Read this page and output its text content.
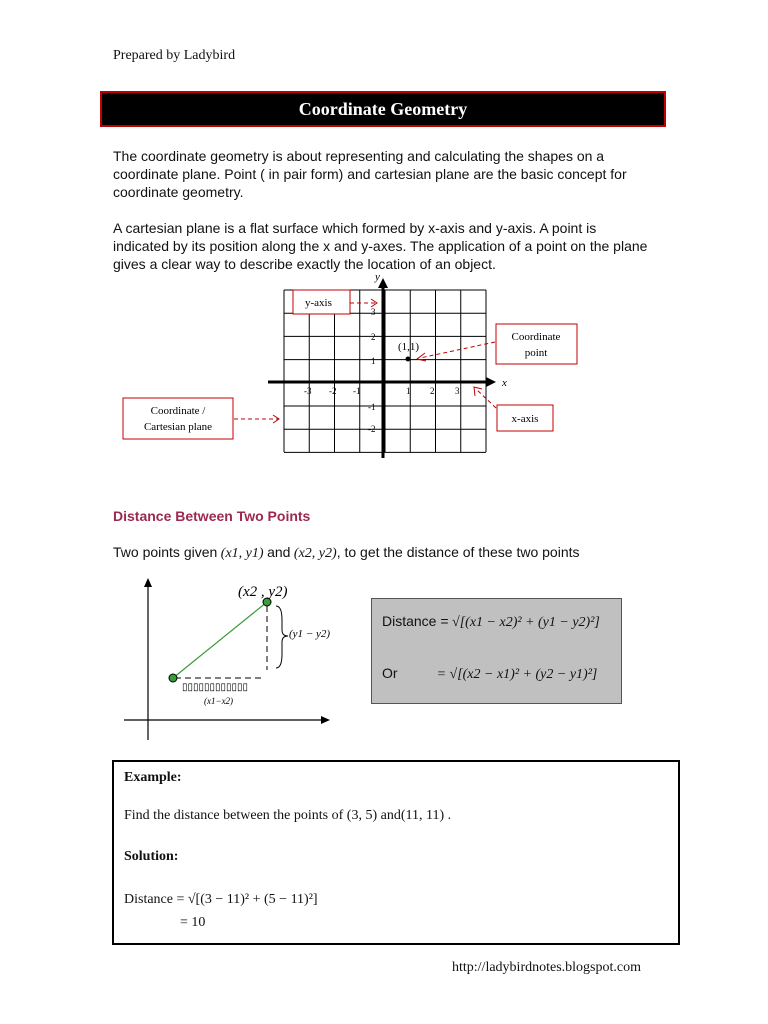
Prepared by Ladybird
Coordinate Geometry
The coordinate geometry is about representing and calculating the shapes on a coordinate plane. Point ( in pair form) and cartesian plane are the basic concept for coordinate geometry.
A cartesian plane is a flat surface which formed by x-axis and y-axis. A point is indicated by its position along the x and y-axes. The application of a point on the plane gives a clear way to describe exactly the location of an object.
x
y
-3 -2 -1	1 2 3
3
2
1
-1
-2
(1,1)
y-axis
Coordinate
point
Coordinate /
Cartesian plane
x-axis
Distance Between Two Points
Two points given (x1, y1) and (x2, y2), to get the distance of these two points
(x2 , y2)
(y1 − y2)
▯▯▯▯▯▯▯▯▯▯▯▯
(x1−x2)
Distance = √[(x1 − x2)² + (y1 − y2)²]
Or	= √[(x2 − x1)² + (y2 − y1)²]
Example:
Find the distance between the points of (3, 5) and(11, 11) .
Solution:
Distance = √[(3 − 11)² + (5 − 11)²]
= 10
http://ladybirdnotes.blogspot.com
